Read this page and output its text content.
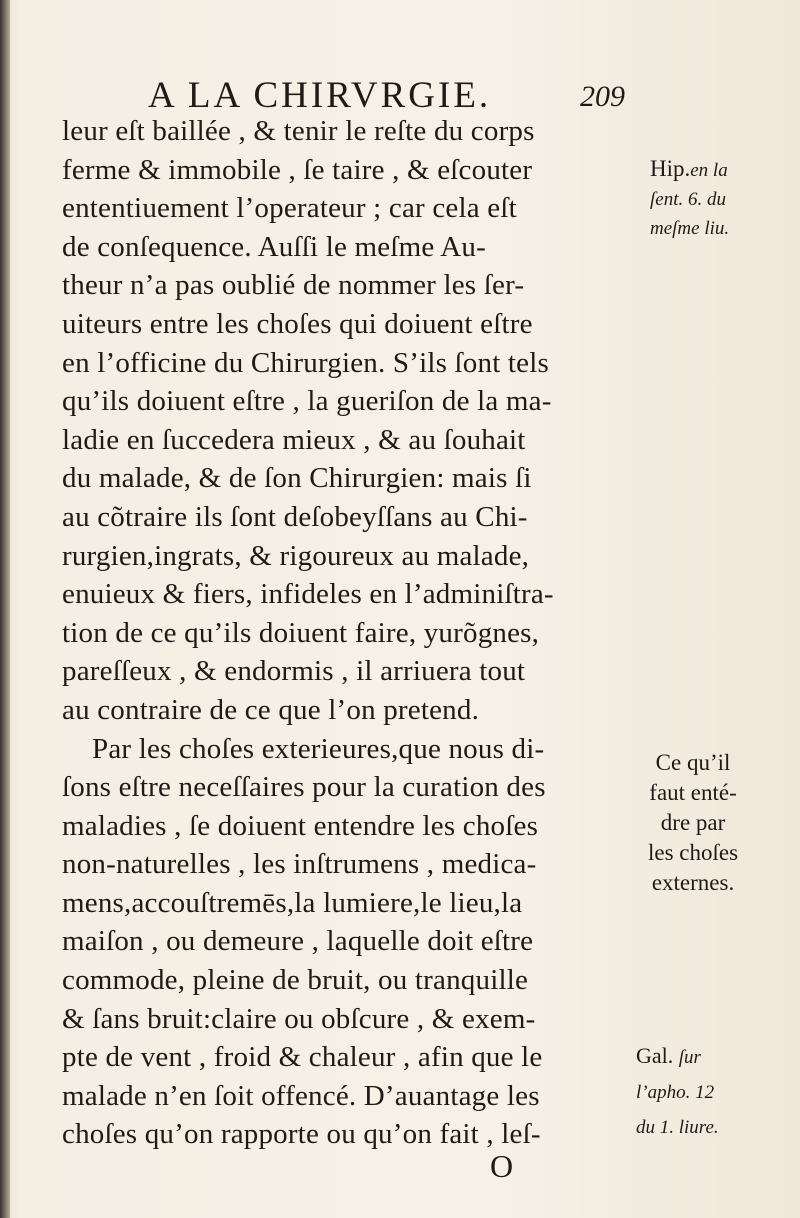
A LA CHIRVRGIE.	209
leur eſt baillée , & tenir le reſte du corps
ferme & immobile , ſe taire , & eſcouter
ententiuement l’operateur ; car cela eſt
de conſequence. Auſſi le meſme Au-
theur n’a pas oublié de nommer les ſer-
uiteurs entre les choſes qui doiuent eſtre
en l’officine du Chirurgien. S’ils ſont tels
qu’ils doiuent eſtre , la gueriſon de la ma-
ladie en ſuccedera mieux , & au ſouhait
du malade, & de ſon Chirurgien: mais ſi
au cõtraire ils ſont deſobeyſſans au Chi-
rurgien,ingrats, & rigoureux au malade,
enuieux & fiers, infideles en l’adminiſtra-
tion de ce qu’ils doiuent faire, yurõgnes,
pareſſeux , & endormis , il arriuera tout
au contraire de ce que l’on pretend.
Par les choſes exterieures,que nous di-
ſons eſtre neceſſaires pour la curation des
maladies , ſe doiuent entendre les choſes
non-naturelles , les inſtrumens , medica-
mens,accouſtremēs,la lumiere,le lieu,la
maiſon , ou demeure , laquelle doit eſtre
commode, pleine de bruit, ou tranquille
& ſans bruit:claire ou obſcure , & exem-
pte de vent , froid & chaleur , afin que le
malade n’en ſoit offencé. D’auantage les
choſes qu’on rapporte ou qu’on fait , leſ-
Hip.en la
ſent. 6. du
meſme liu.
Ce qu’il
faut enté-
dre par
les choſes
externes.
Gal. ſur
l’apho. 12
du 1. liure.
O
